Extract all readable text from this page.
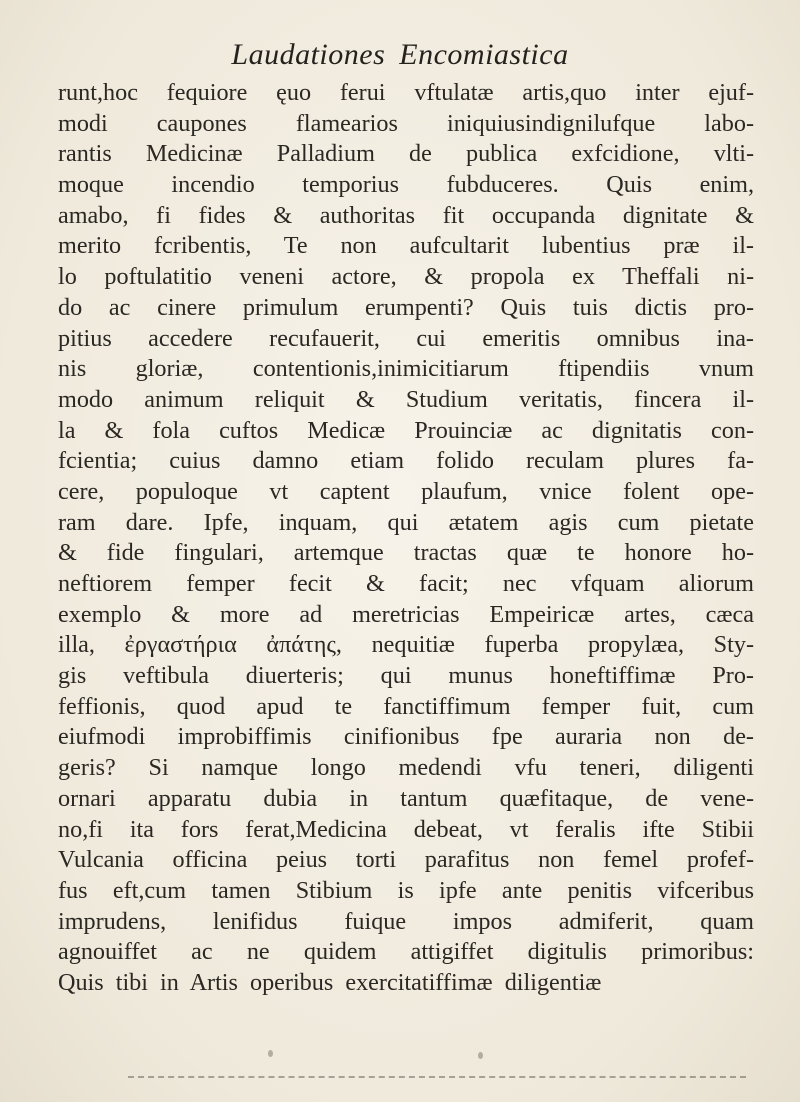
Laudationes Encomiastica
runt,hoc fequiore ęuo ferui vftulatæ artis,quo inter ejuf-
modi caupones flamearios iniquiusindignilufque labo-
rantis Medicinæ Palladium de publica exfcidione, vlti-
moque incendio temporius fubduceres. Quis enim,
amabo, fi fides & authoritas fit occupanda dignitate &
merito fcribentis, Te non aufcultarit lubentius præ il-
lo poftulatitio veneni actore, & propola ex Theffali ni-
do ac cinere primulum erumpenti? Quis tuis dictis pro-
pitius accedere recufauerit, cui emeritis omnibus ina-
nis gloriæ, contentionis,inimicitiarum ftipendiis vnum
modo animum reliquit & Studium veritatis, fincera il-
la & fola cuftos Medicæ Prouinciæ ac dignitatis con-
fcientia; cuius damno etiam folido reculam plures fa-
cere, populoque vt captent plaufum, vnice folent ope-
ram dare. Ipfe, inquam, qui ætatem agis cum pietate
& fide fingulari, artemque tractas quæ te honore ho-
neftiorem femper fecit & facit; nec vfquam aliorum
exemplo & more ad meretricias Empeiricæ artes, cæca
illa, ἐργαστήρια ἀπάτης, nequitiæ fuperba propylæa, Sty-
gis veftibula diuerteris; qui munus honeftiffimæ Pro-
feffionis, quod apud te fanctiffimum femper fuit, cum
eiufmodi improbiffimis cinifionibus fpe auraria non de-
geris? Si namque longo medendi vfu teneri, diligenti
ornari apparatu dubia in tantum quæfitaque, de vene-
no,fi ita fors ferat,Medicina debeat, vt feralis ifte Stibii
Vulcania officina peius torti parafitus non femel profef-
fus eft,cum tamen Stibium is ipfe ante penitis vifceribus
imprudens, lenifidus fuique impos admiferit, quam
agnouiffet ac ne quidem attigiffet digitulis primoribus:
Quis tibi in Artis operibus exercitatiffimæ diligentiæ
